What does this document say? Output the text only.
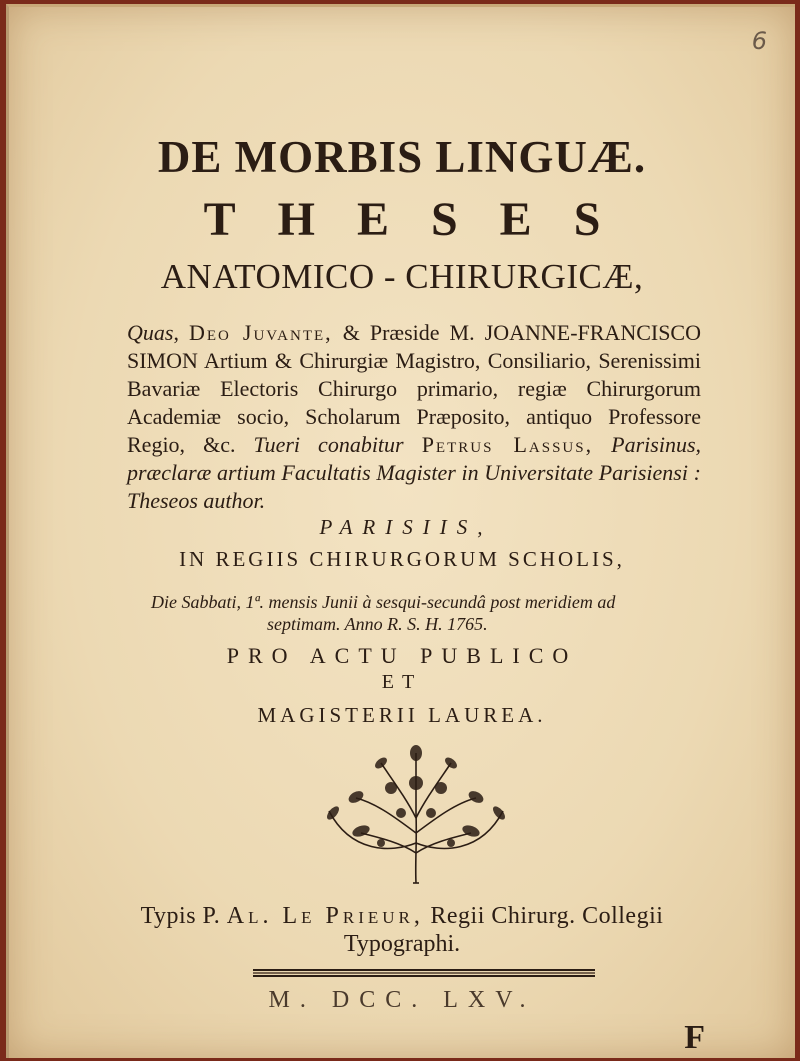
6
DE MORBIS LINGUÆ.
THESES
ANATOMICO - CHIRURGICÆ,
Quas, Deo Juvante, & Præside M. JOANNE-FRANCISCO SIMON Artium & Chirurgiæ Magistro, Consiliario, Serenissimi Bavariæ Electoris Chirurgo primario, regiæ Chirurgorum Academiæ socio, Scholarum Præposito, antiquo Professore Regio, &c. Tueri conabitur Petrus Lassus, Parisinus, præclaræ artium Facultatis Magister in Universitate Parisiensi : Theseos author.
PARISIIS,
IN REGIIS CHIRURGORUM SCHOLIS,
Die Sabbati, 1ª. mensis Junii à sesqui-secundâ post meridiem ad
septimam. Anno R. S. H. 1765.
PRO ACTU PUBLICO
ET
MAGISTERII LAUREA.
Typis P. Al. Le Prieur, Regii Chirurg. Collegii
Typographi.
M. DCC. LXV.
F
